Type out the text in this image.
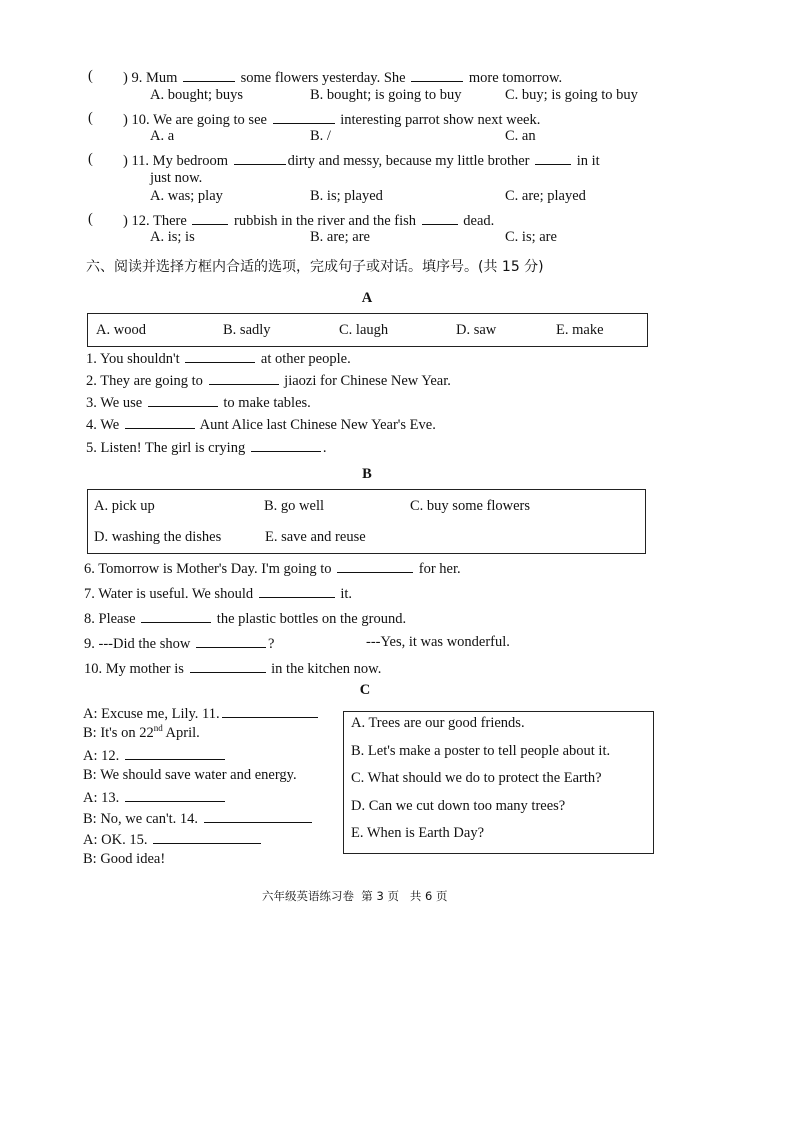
( ) 9. Mum	some flowers yesterday. She	more tomorrow.
A. bought; buys	B. bought; is going to buy	C. buy; is going to buy
( ) 10. We are going to see	interesting parrot show next week.
A. a	B. /	C. an
( ) 11. My bedroom	dirty and messy, because my little brother	in it
just now.
A. was; play	B. is; played	C. are; played
( ) 12. There	rubbish in the river and the fish	dead.
A. is; is	B. are; are	C. is; are
六、阅读并选择方框内合适的选项，完成句子或对话。填序号。(共 15 分)
A
A. wood	B. sadly	C. laugh	D. saw	E. make
1. You shouldn't	at other people.
2. They are going to	jiaozi for Chinese New Year.
3. We use	to make tables.
4. We	Aunt Alice last Chinese New Year's Eve.
5. Listen! The girl is crying	.
B
A. pick up	B. go well	C. buy some flowers
D. washing the dishes	E. save and reuse
6. Tomorrow is Mother's Day. I'm going to	for her.
7. Water is useful. We should	it.
8. Please	the plastic bottles on the ground.
9. ---Did the show	?	---Yes, it was wonderful.
10. My mother is	in the kitchen now.
C
A: Excuse me, Lily. 11.
B: It's on 22nd April.
A: 12.
B: We should save water and energy.
A: 13.
B: No, we can't. 14.
A: OK. 15.
B: Good idea!
A. Trees are our good friends.
B. Let's make a poster to tell people about it.
C. What should we do to protect the Earth?
D. Can we cut down too many trees?
E. When is Earth Day?
六年级英语练习卷  第 3 页   共 6 页
